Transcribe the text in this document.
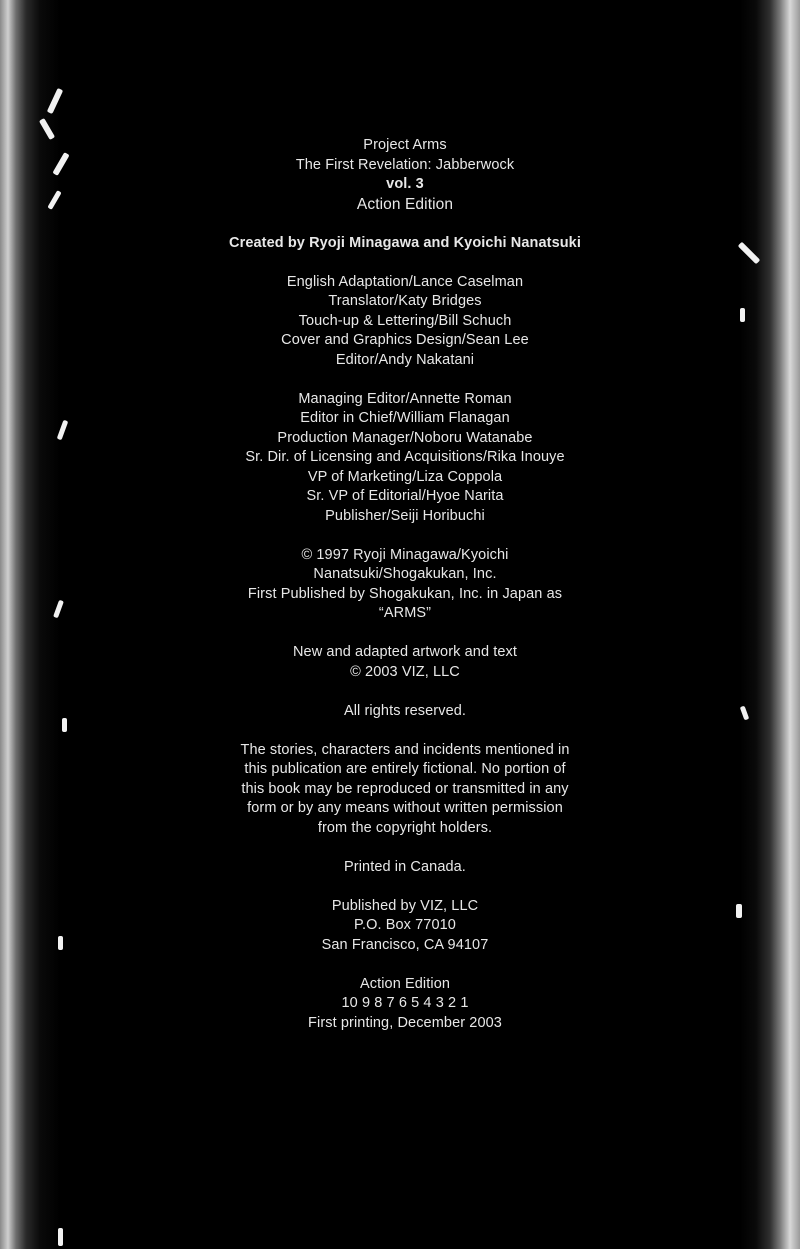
Project Arms
The First Revelation: Jabberwock
vol. 3
Action Edition
Created by Ryoji Minagawa and Kyoichi Nanatsuki
English Adaptation/Lance Caselman
Translator/Katy Bridges
Touch-up & Lettering/Bill Schuch
Cover and Graphics Design/Sean Lee
Editor/Andy Nakatani
Managing Editor/Annette Roman
Editor in Chief/William Flanagan
Production Manager/Noboru Watanabe
Sr. Dir. of Licensing and Acquisitions/Rika Inouye
VP of Marketing/Liza Coppola
Sr. VP of Editorial/Hyoe Narita
Publisher/Seiji Horibuchi
© 1997 Ryoji Minagawa/Kyoichi
Nanatsuki/Shogakukan, Inc.
First Published by Shogakukan, Inc. in Japan as
“ARMS”
New and adapted artwork and text
© 2003 VIZ, LLC
All rights reserved.
The stories, characters and incidents mentioned in
this publication are entirely fictional. No portion of
this book may be reproduced or transmitted in any
form or by any means without written permission
from the copyright holders.
Printed in Canada.
Published by VIZ, LLC
P.O. Box 77010
San Francisco, CA 94107
Action Edition
10 9 8 7 6 5 4 3 2 1
First printing, December 2003
